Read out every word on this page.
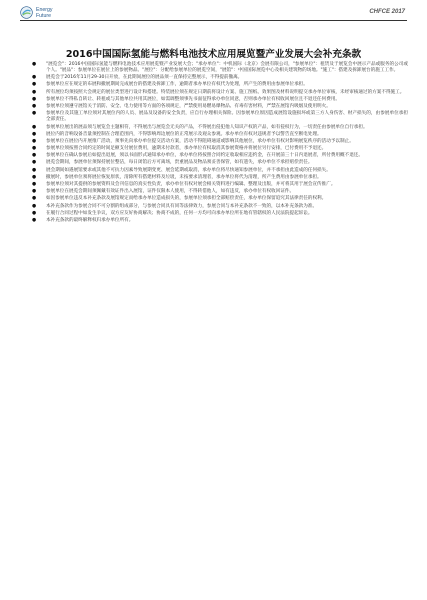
Energy
Future
CHFCE 2017
2016中国国际氢能与燃料电池技术应用展览暨产业发展大会补充条款
● "展览会"：2016中国国际氢能与燃料电池技术应用展览暨产业发展大会；"承办单位"：中机国际（北京）会展有限公司，"参展单位"：租赁及于展览会中展示产品或服务的公司或个人。"展品"：参展单位在展位上的参展物品。"展位"：分配给参展单位的展览空间，"展馆"：中国国际展览中心及相关建筑物的场地。"施工"：搭建及拆卸展台的施工工作。
● 展览会于2016年11月29-30日开放，在此期间展位的展品须一直保持完整展示，不得提前撤离。
● 参展单位应在规定的布展和撤展期间完成展台的搭建及拆卸工作，逾期者承办单位有权代为处理，所产生的费用由参展单位承担。
● 所有展位均须按照大会规定的展位类型进行设计和搭建。特装展位须在规定日期前将设计方案、施工图纸、效果图及材料说明提交承办单位审核，未经审核通过的方案不得施工。
● 参展单位不得私自转让、转租或与其他单位共用其展位，如需调整须事先书面征得承办单位同意，否则承办单位有权收回展位且不退还任何费用。
● 参展单位须遵守展馆关于消防、安全、电力使用等方面的各项规定，严禁使用易燃易爆物品、有毒有害材料，严禁在展馆内吸烟及使用明火。
● 参展单位及其施工单位须对其展位内的人员、展品及设备的安全负责，应自行办理相关保险。因参展单位原因造成展馆设施损坏或第三方人身伤害、财产损失的，由参展单位承担全部责任。
● 参展单位展出的展品须与展览会主题相符，不得展出与展览会无关的产品，不得展出侵犯他人知识产权的产品，如有侵权行为，一切责任由参展单位自行承担。
● 展位内的音响设备音量须控制在合理范围内，不得影响周边展位的正常展示及观众参观。承办单位有权对违规者予以警告直至断电处理。
● 参展单位在展位内开展推广活动，须事先向承办单位提交活动方案，活动不得阻碍通道或影响其他展位，承办单位有权对影响展览秩序的活动予以制止。
● 参展单位须按照合同约定的时间足额支付展位费用，逾期未付款者，承办单位有权取消其参展资格并将展位另行安排，已付费用不予退还。
● 参展单位在确认参展后如提出退展，须以书面形式通知承办单位，承办单位将按照合同约定收取相应违约金，在开展前三十日内退展者，所付费用概不退还。
● 展览会期间，参展单位须保持展位整洁，每日闭馆后方可离场，贵重展品及物品须妥善保管，如有遗失，承办单位不承担赔偿责任。
● 展会期间如遇展馆要求或其他不可抗力因素导致展期变更、展会延期或取消，承办单位将尽快通知参展单位，并不承担由此造成的任何损失。
● 撤展时，参展单位须将展位恢复原状，清除所有搭建材料及垃圾，未按要求清理者，承办单位将代为清理，所产生费用由参展单位承担。
● 参展单位须对其提供的参展资料及会刊信息的真实性负责，承办单位有权对展会相关资料进行编辑、整理及出版，并可将其用于展会宣传推广。
● 参展单位在展览会期间须佩戴有效证件出入展馆，证件仅限本人使用，不得转借他人，如有违反，承办单位有权收回证件。
● 如因参展单位违反本补充条款及展馆规定而给承办单位造成损失的，参展单位须承担全部赔偿责任，承办单位保留追究其法律责任的权利。
● 本补充条款作为参展合同不可分割的组成部分，与参展合同具有同等法律效力，参展合同与本补充条款不一致的，以本补充条款为准。
● 在履行合同过程中如发生争议，双方应友好协商解决；协商不成的，任何一方均可向承办单位所在地有管辖权的人民法院提起诉讼。
● 本补充条款的最终解释权归承办单位所有。
